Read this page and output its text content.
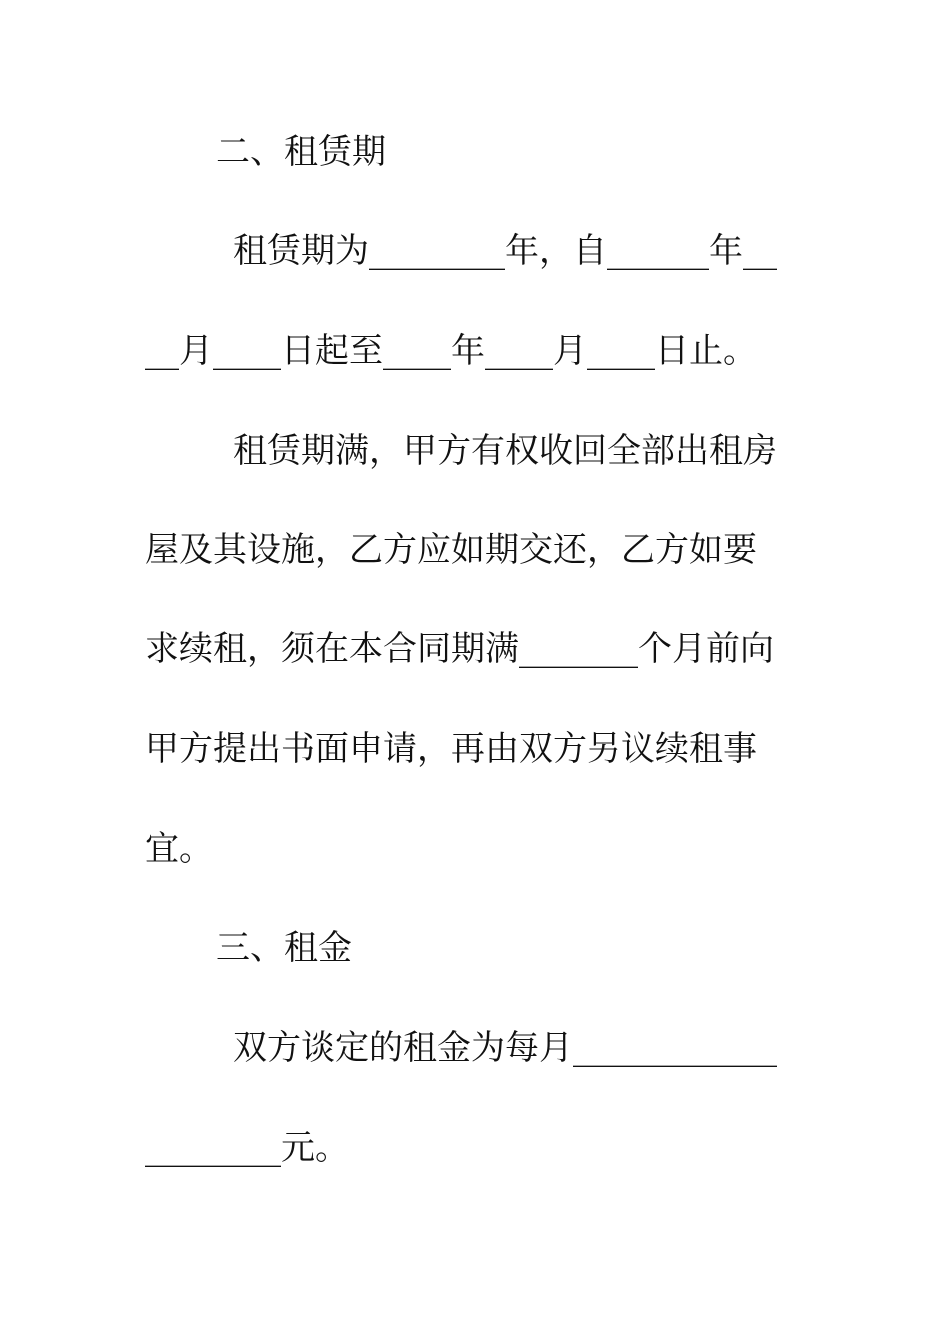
二、租赁期
租赁期为________年，自______年__
__月____日起至____年____月____日止。
租赁期满，甲方有权收回全部出租房
屋及其设施，乙方应如期交还，乙方如要
求续租，须在本合同期满_______个月前向
甲方提出书面申请，再由双方另议续租事
宜。
三、租金
双方谈定的租金为每月____________
________元。
